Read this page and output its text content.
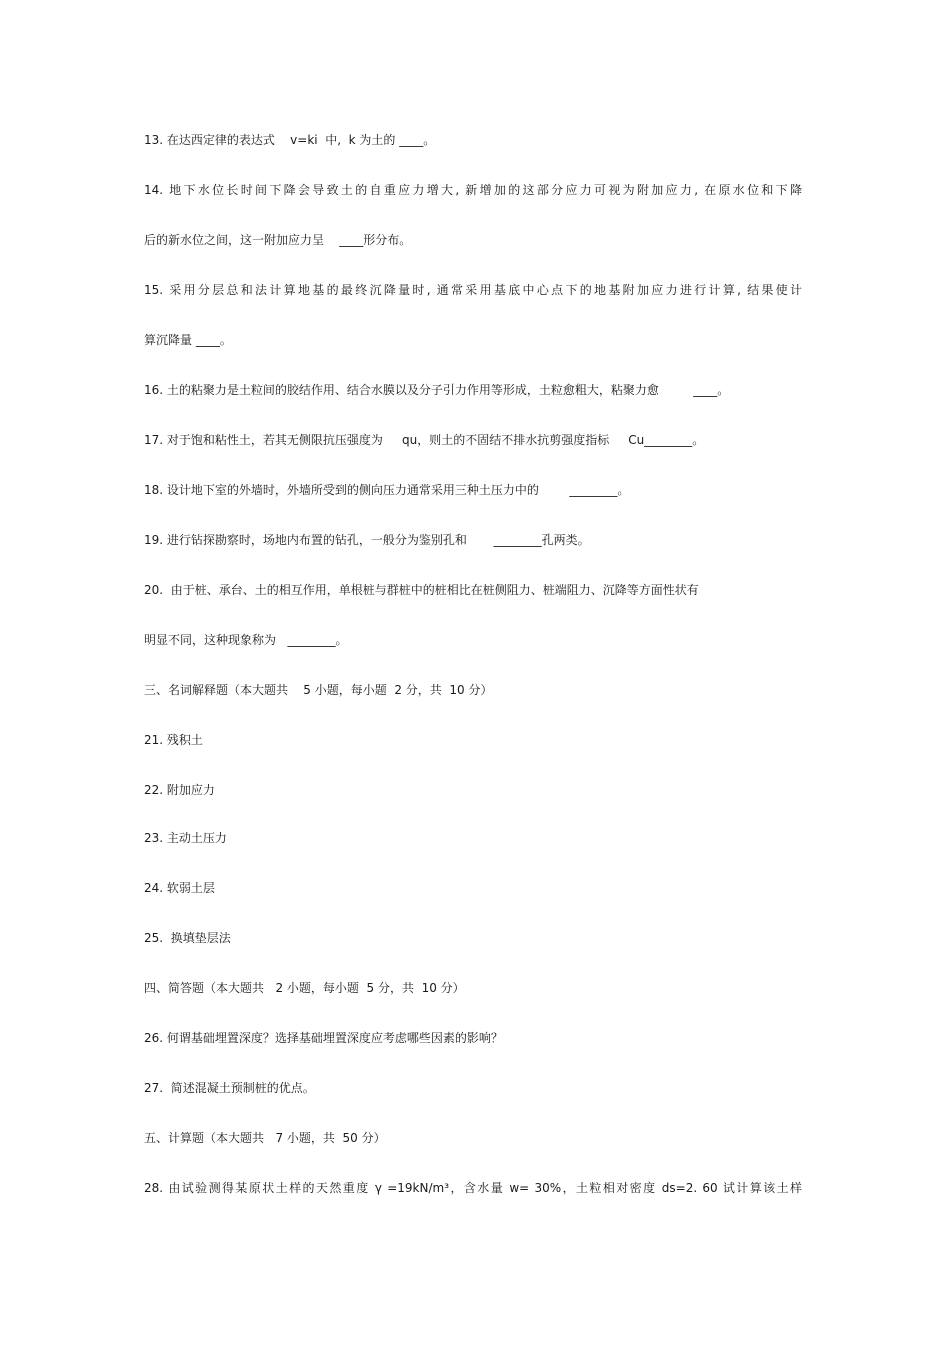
13. 在达西定律的表达式    v=ki  中,  k 为土的 ____。
14. 地下水位长时间下降会导致土的自重应力增大, 新增加的这部分应力可视为附加应力, 在原水位和下降
后的新水位之间，这一附加应力呈    ____形分布。
15. 采用分层总和法计算地基的最终沉降量时, 通常采用基底中心点下的地基附加应力进行计算, 结果使计
算沉降量 ____。
16. 土的粘聚力是土粒间的胶结作用、结合水膜以及分子引力作用等形成，土粒愈粗大，粘聚力愈         ____。
17. 对于饱和粘性土，若其无侧限抗压强度为     qu，则土的不固结不排水抗剪强度指标     Cu________。
18. 设计地下室的外墙时，外墙所受到的侧向压力通常采用三种土压力中的        ________。
19. 进行钻探勘察时，场地内布置的钻孔，一般分为鉴别孔和       ________孔两类。
20.  由于桩、承台、土的相互作用，单根桩与群桩中的桩相比在桩侧阻力、桩端阻力、沉降等方面性状有
明显不同，这种现象称为   ________。
三、名词解释题（本大题共    5 小题，每小题  2 分，共  10 分）
21. 残积土
22. 附加应力
23. 主动土压力
24. 软弱土层
25.  换填垫层法
四、简答题（本大题共   2 小题，每小题  5 分，共  10 分）
26. 何谓基础埋置深度？选择基础埋置深度应考虑哪些因素的影响？
27.  简述混凝土预制桩的优点。
五、计算题（本大题共   7 小题，共  50 分）
28. 由试验测得某原状土样的天然重度 γ =19kN/m³，含水量 w= 30%，土粒相对密度 ds=2. 60 试计算该土样
